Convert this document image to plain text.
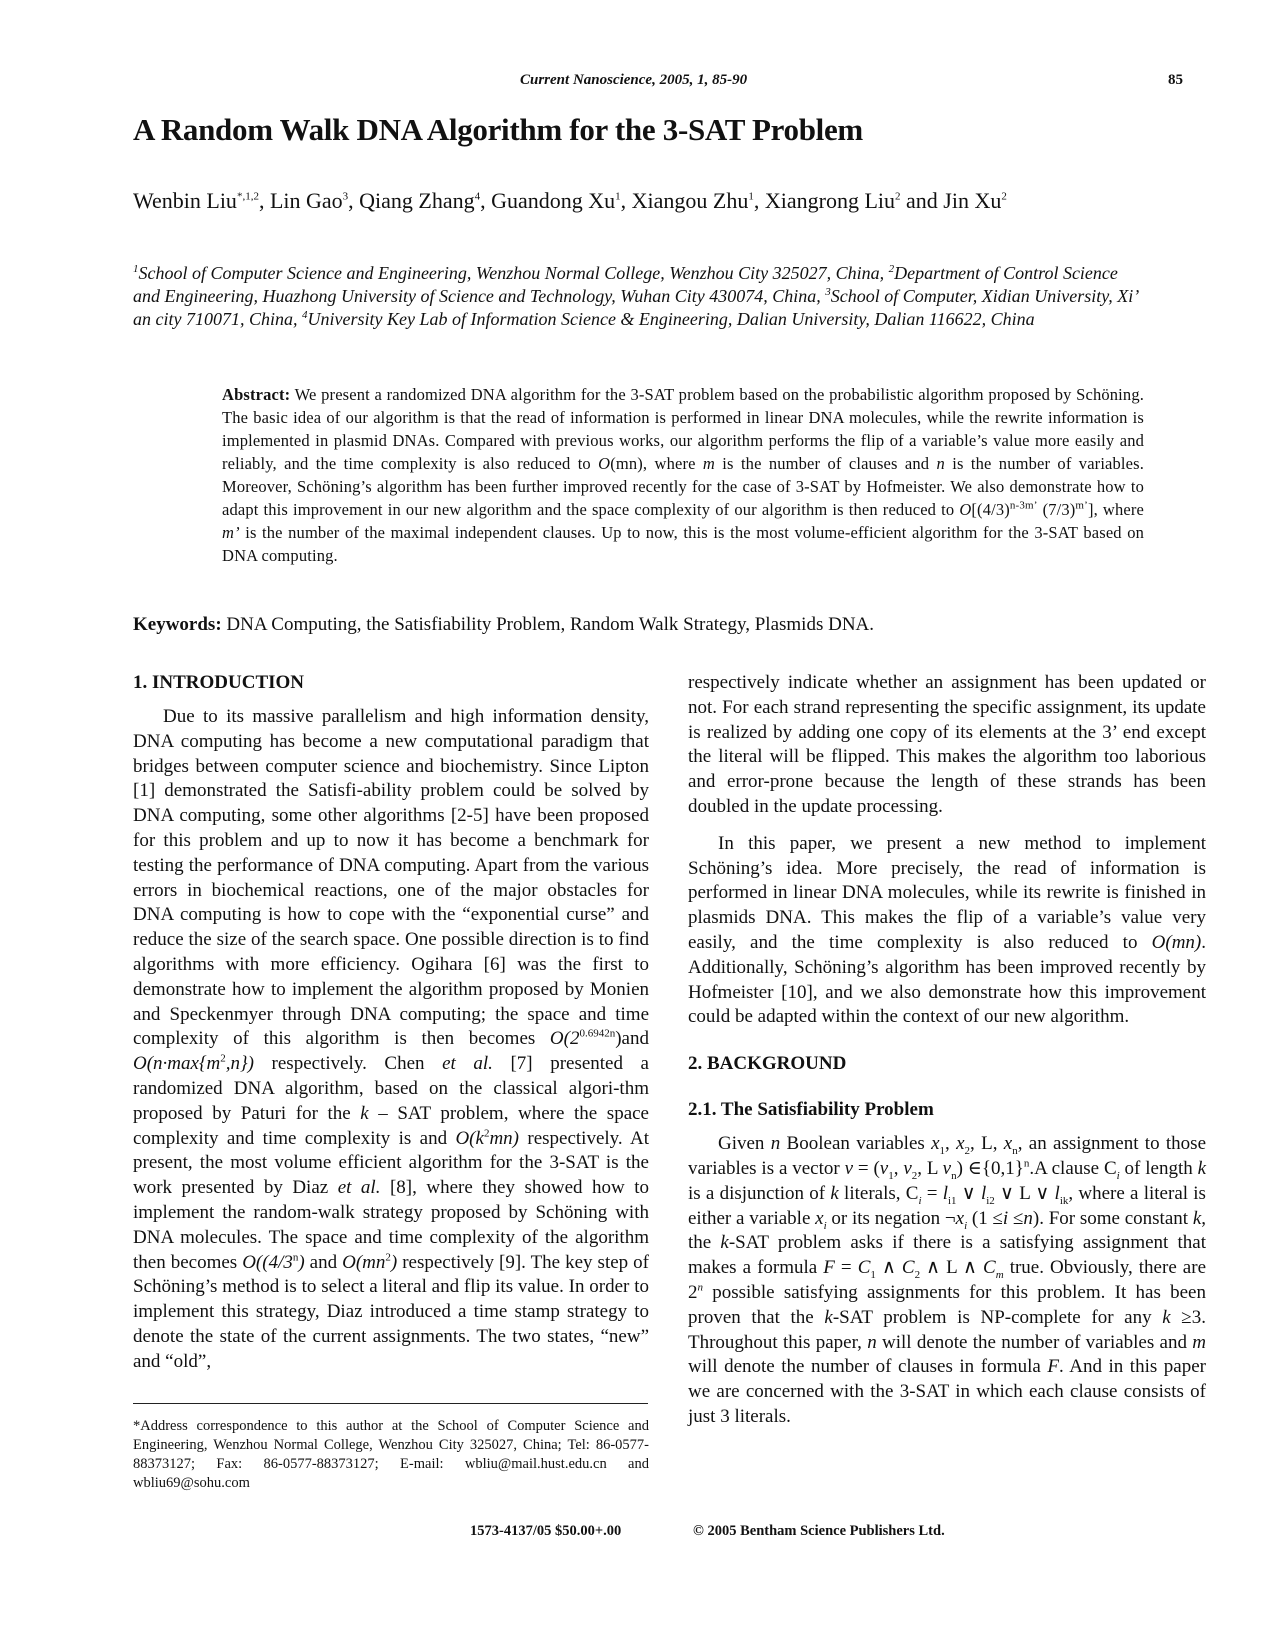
Current Nanoscience, 2005, 1, 85-90	85
A Random Walk DNA Algorithm for the 3-SAT Problem
Wenbin Liu$^{*,1,2}$, Lin Gao$^3$, Qiang Zhang$^4$, Guandong Xu$^1$, Xiangou Zhu$^1$, Xiangrong Liu$^2$ and Jin Xu$^2$
$^1$School of Computer Science and Engineering, Wenzhou Normal College, Wenzhou City 325027, China, $^2$Department of Control Science and Engineering, Huazhong University of Science and Technology, Wuhan City 430074, China, $^3$School of Computer, Xidian University, Xi’ an city 710071, China, $^4$University Key Lab of Information Science & Engineering, Dalian University, Dalian 116622, China
Abstract: We present a randomized DNA algorithm for the 3-SAT problem based on the probabilistic algorithm proposed by Schöning. The basic idea of our algorithm is that the read of information is performed in linear DNA molecules, while the rewrite information is implemented in plasmid DNAs. Compared with previous works, our algorithm performs the flip of a variable’s value more easily and reliably, and the time complexity is also reduced to O(mn), where m is the number of clauses and n is the number of variables. Moreover, Schöning’s algorithm has been further improved recently for the case of 3-SAT by Hofmeister. We also demonstrate how to adapt this improvement in our new algorithm and the space complexity of our algorithm is then reduced to $O[(4/3)^{n-3m’}$ $(7/3)^{m’}$], where m’ is the number of the maximal independent clauses. Up to now, this is the most volume-efficient algorithm for the 3-SAT based on DNA computing.
Keywords: DNA Computing, the Satisfiability Problem, Random Walk Strategy, Plasmids DNA.
1. INTRODUCTION

Due to its massive parallelism and high information density, DNA computing has become a new computational paradigm that bridges between computer science and biochemistry. Since Lipton [1] demonstrated the Satisfi-ability problem could be solved by DNA computing, some other algorithms [2-5] have been proposed for this problem and up to now it has become a benchmark for testing the performance of DNA computing. Apart from the various errors in biochemical reactions, one of the major obstacles for DNA computing is how to cope with the “exponential curse” and reduce the size of the search space. One possible direction is to find algorithms with more efficiency. Ogihara [6] was the first to demonstrate how to implement the algorithm proposed by Monien and Speckenmyer through DNA computing; the space and time complexity of this algorithm is then becomes $O(2^{0.6942n})and$ $O(n\cdot\max\{m^2,n\})$ respectively. Chen et al. [7] presented a randomized DNA algorithm, based on the classical algori-thm proposed by Paturi for the k – SAT problem, where the space complexity and time complexity is and $O(k^2mn)$ respectively. At present, the most volume efficient algorithm for the 3-SAT is the work presented by Diaz et al. [8], where they showed how to implement the random-walk strategy proposed by Schöning with DNA molecules. The space and time complexity of the algorithm then becomes O((4/3$^n$) and $O(mn^2)$ respectively [9]. The key step of Schöning’s method is to select a literal and flip its value. In order to implement this strategy, Diaz introduced a time stamp strategy to denote the state of the current assignments. The two states, “new” and “old”,

*Address correspondence to this author at the School of Computer Science and Engineering, Wenzhou Normal College, Wenzhou City 325027, China; Tel: 86-0577-88373127; Fax: 86-0577-88373127; E-mail: wbliu@mail.hust.edu.cn and wbliu69@sohu.com

respectively indicate whether an assignment has been updated or not. For each strand representing the specific assignment, its update is realized by adding one copy of its elements at the 3’ end except the literal will be flipped. This makes the algorithm too laborious and error-prone because the length of these strands has been doubled in the update processing.

In this paper, we present a new method to implement Schöning’s idea. More precisely, the read of information is performed in linear DNA molecules, while its rewrite is finished in plasmids DNA. This makes the flip of a variable’s value very easily, and the time complexity is also reduced to O(mn). Additionally, Schöning’s algorithm has been improved recently by Hofmeister [10], and we also demonstrate how this improvement could be adapted within the context of our new algorithm.

2. BACKGROUND
2.1. The Satisfiability Problem

Given n Boolean variables $x_1$, $x_2$, L, $x_n$, an assignment to those variables is a vector $v = (v_1$, $v_2$, L $v_n$) $\in\{0,1\}^n.A$ clause $C_i$ of length k is a disjunction of k literals, $C_i = l_{i1}$ ∨ $l_{i2}$ ∨ L ∨ $l_{ik}$, where a literal is either a variable $x_i$ or its negation $\neg x_i$ (1 ≤i ≤n). For some constant k, the k-SAT problem asks if there is a satisfying assignment that makes a formula $F = C_1$ ∧ $C_2$ ∧ L ∧ $C_m$ true. Obviously, there are 2$^n$ possible satisfying assignments for this problem. It has been proven that the k-SAT problem is NP-complete for any k ≥3. Throughout this paper, n will denote the number of variables and m will denote the number of clauses in formula F. And in this paper we are concerned with the 3-SAT in which each clause consists of just 3 literals.

1573-4137/05 $50.00+.00	© 2005 Bentham Science Publishers Ltd.
